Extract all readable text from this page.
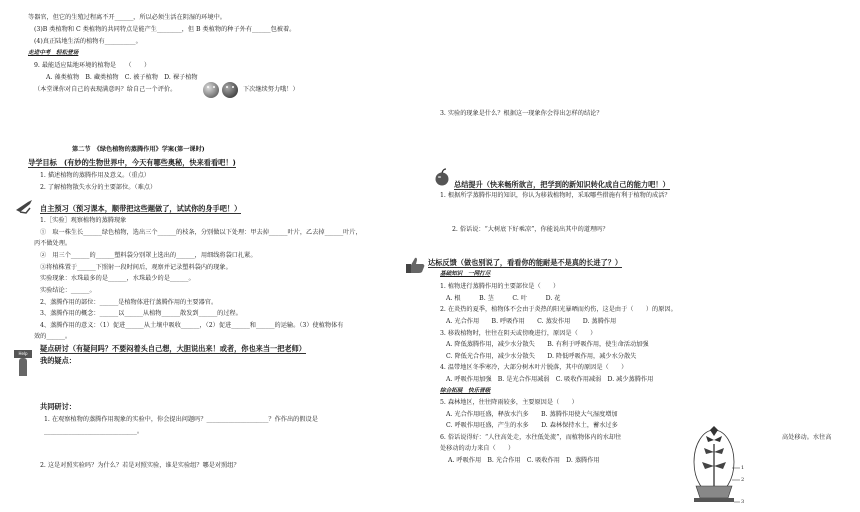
等器官，但它的生殖过程离不开______，所以必须生活在阴湿的环境中。
(3)B 类植物和 C 类植物的共同特点是能产生________，但 B 类植物的种子外有______包被着。
(4)真正陆地生活的植物有__________。
走进中考　轻松登场
9. 最能适应陆地环境的植物是　　（　　）
A. 藻类植物　B. 藏类植物　C. 被子植物　D. 裸子植物
（本堂课你对自己的表现满意吗？给自己一个评价。	下次继续努力哦！）
第二节　《绿色植物的蒸腾作用》学案(第一课时)
导学目标　(有妙的生物世界中，今天有哪些奥秘，快来看看吧！)
1. 描述植物的蒸腾作用及意义。（重点）
2. 了解植物散失水分的主要部位。（难点）
自主预习（预习课本，顺带把这些题做了，试试你的身手吧！）
1.［实验］观察植物的蒸腾现象
①　取一株生长______绿色植物，选出三个______的枝条，分别做以下处理：甲去掉______叶片，乙去掉______叶片，
丙不做处理。
②　用三个______的______塑料袋分别罩上选出的______，用细线将袋口扎紧。
③将植株置于______下照射一段时间后，观察并记录塑料袋内的现象。
实验现象：水珠最多的是______，水珠最少的是______。
实验结论：______。
2、蒸腾作用的部位：______是植物体进行蒸腾作用的主要器官。
3、蒸腾作用的概念：______以______从植物______散发到______的过程。
4、蒸腾作用的意义：（1）促进______从土壤中吸收______，（2）促进______和______的运输。（3）使植物体有
效的______。
Help
疑点研讨（有疑问吗？不要闷着头自己想，大胆说出来！或者，你也来当一把老师）
我的疑点：
共同研讨：
1. 在观察植物的蒸腾作用现象的实验中，你会提出问题吗？____________________？作作出的假设是
______________________________。
2. 这是对照实验吗？为什么？若是对照实验，谁是实验组？哪是对照组？
3. 实验的现象是什么？根据这一现象你会得出怎样的结论？
总结提升（快来畅所欲言，把学到的新知识转化成自己的能力吧！）
1. 根据所学蒸腾作用的知识，你认为移栽植物时，采取哪些措施有利于植物的成活？
2. 俗话说：“大树底下好乘凉”，你能说出其中的道理吗？
达标反馈（做也别说了，看看你的能耐是不是真的长进了？）
基础知识　一网打尽
1. 植物进行蒸腾作用的主要部位是（　　）
A. 根　　　B. 茎　　　C. 叶　　　D. 花
2. 在炎热的夏季，植物体不会由于炎热的阳光暴晒而灼伤，这是由于（　　）的原因。
A. 光合作用　　B. 呼吸作用　　C. 蒸发作用　　D. 蒸腾作用
3. 移栽植物时，往往在阴天或傍晚进行，原因是（　　）
A. 降低蒸腾作用，减少水分散失　　B. 有利于呼吸作用，使生命活动加强
C. 降低光合作用，减少水分散失　　D. 降低呼吸作用，减少水分散失
4. 温带地区冬季寒冷，大部分树木叶片脱落，其中的原因是（　　）
A. 呼吸作用加强　B. 是光合作用减弱　C. 吸收作用减弱　D. 减少蒸腾作用
综合拓展　快乐晋级
5. 森林地区，往往降雨较多，主要原因是（　　）
A. 光合作用旺盛，释放水汽多　　B. 蒸腾作用使大气湿度增加
C. 呼吸作用旺盛，产生的水多　　D. 森林保持水土，蓄水过多
6. 俗话说得好：“人往高处走，水往低处流”，而植物体内的水却往	高处移动。水往高
处移动的动力来自（　　）
A. 呼吸作用　B. 光合作用　C. 吸收作用　D. 蒸腾作用
1
2
3
